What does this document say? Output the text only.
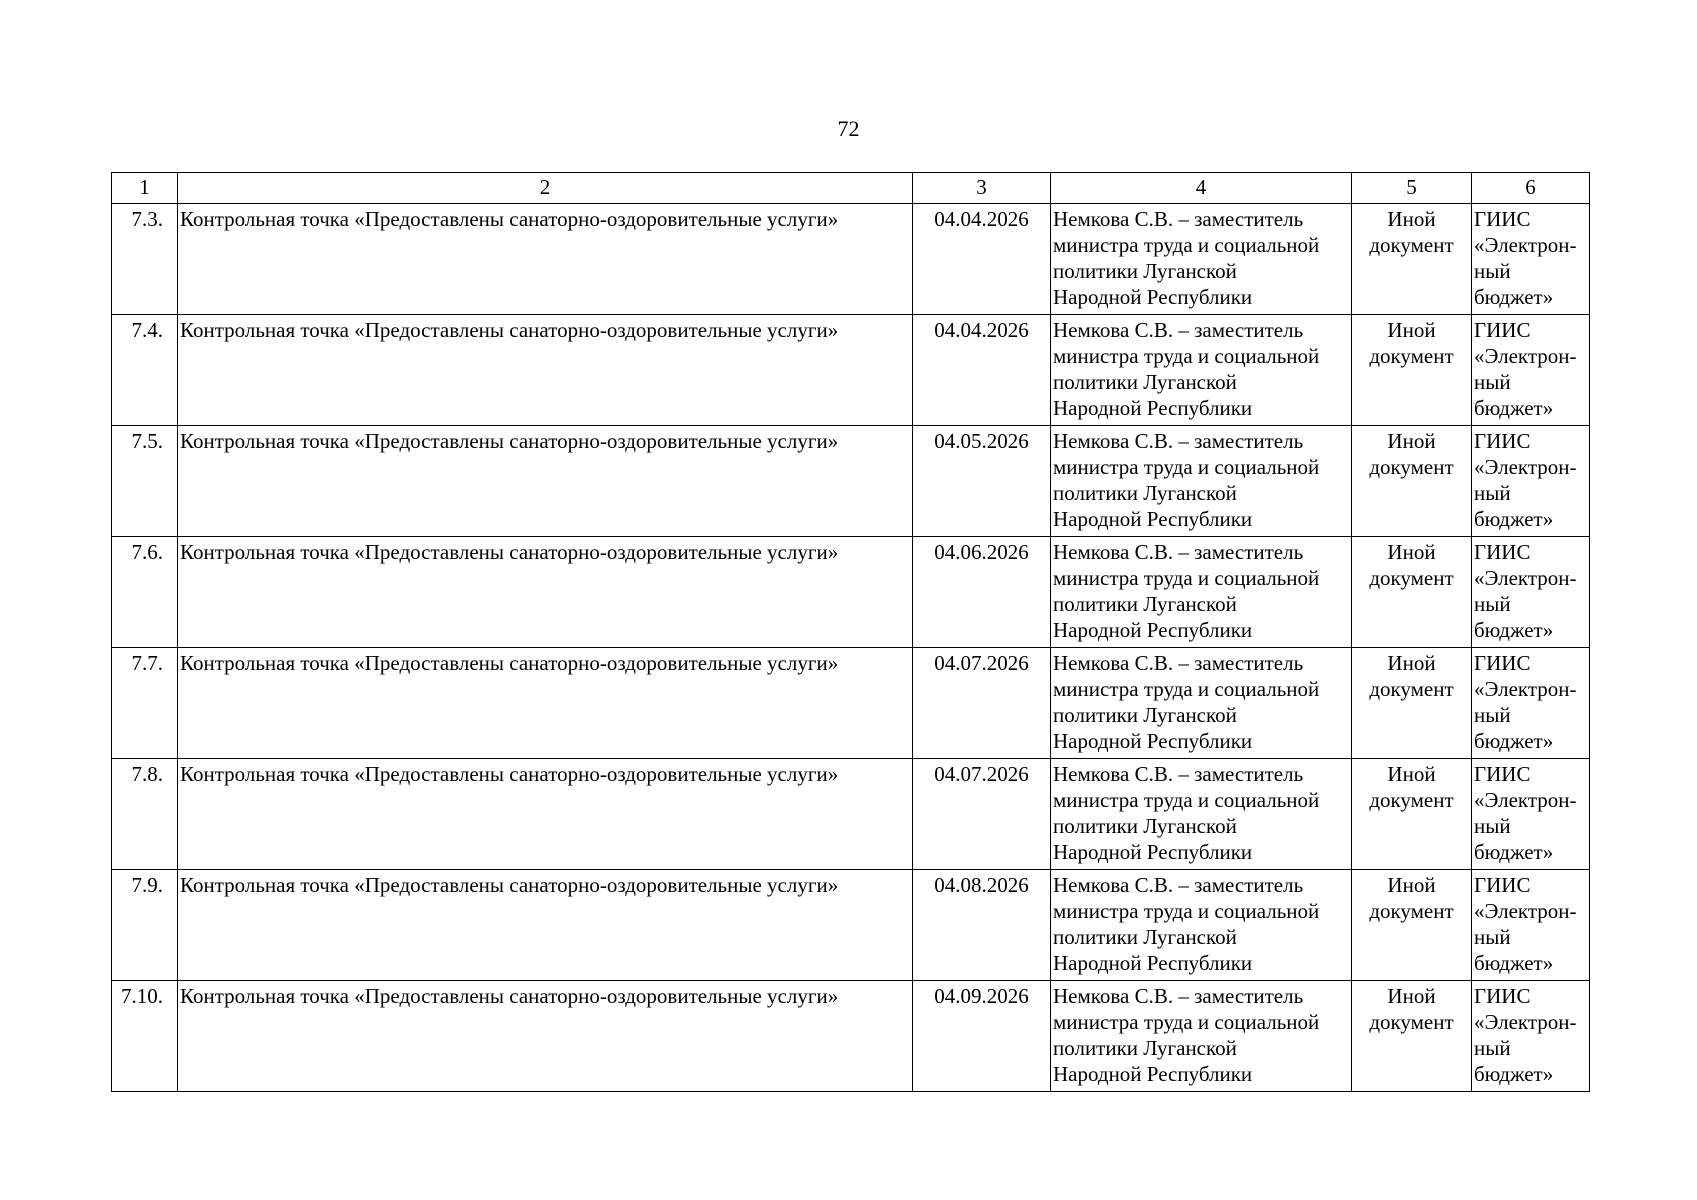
72
1	2	3	4	5	6
7.3.	Контрольная точка «Предоставлены санаторно-оздоровительные услуги»	04.04.2026	Немкова С.В. – заместитель
министра труда и социальной
политики Луганской
Народной Республики	Иной
документ	ГИИС
«Электрон-
ный
бюджет»

7.4.	Контрольная точка «Предоставлены санаторно-оздоровительные услуги»	04.04.2026	Немкова С.В. – заместитель
министра труда и социальной
политики Луганской
Народной Республики	Иной
документ	ГИИС
«Электрон-
ный
бюджет»

7.5.	Контрольная точка «Предоставлены санаторно-оздоровительные услуги»	04.05.2026	Немкова С.В. – заместитель
министра труда и социальной
политики Луганской
Народной Республики	Иной
документ	ГИИС
«Электрон-
ный
бюджет»

7.6.	Контрольная точка «Предоставлены санаторно-оздоровительные услуги»	04.06.2026	Немкова С.В. – заместитель
министра труда и социальной
политики Луганской
Народной Республики	Иной
документ	ГИИС
«Электрон-
ный
бюджет»

7.7.	Контрольная точка «Предоставлены санаторно-оздоровительные услуги»	04.07.2026	Немкова С.В. – заместитель
министра труда и социальной
политики Луганской
Народной Республики	Иной
документ	ГИИС
«Электрон-
ный
бюджет»

7.8.	Контрольная точка «Предоставлены санаторно-оздоровительные услуги»	04.07.2026	Немкова С.В. – заместитель
министра труда и социальной
политики Луганской
Народной Республики	Иной
документ	ГИИС
«Электрон-
ный
бюджет»

7.9.	Контрольная точка «Предоставлены санаторно-оздоровительные услуги»	04.08.2026	Немкова С.В. – заместитель
министра труда и социальной
политики Луганской
Народной Республики	Иной
документ	ГИИС
«Электрон-
ный
бюджет»

7.10.	Контрольная точка «Предоставлены санаторно-оздоровительные услуги»	04.09.2026	Немкова С.В. – заместитель
министра труда и социальной
политики Луганской
Народной Республики	Иной
документ	ГИИС
«Электрон-
ный
бюджет»
